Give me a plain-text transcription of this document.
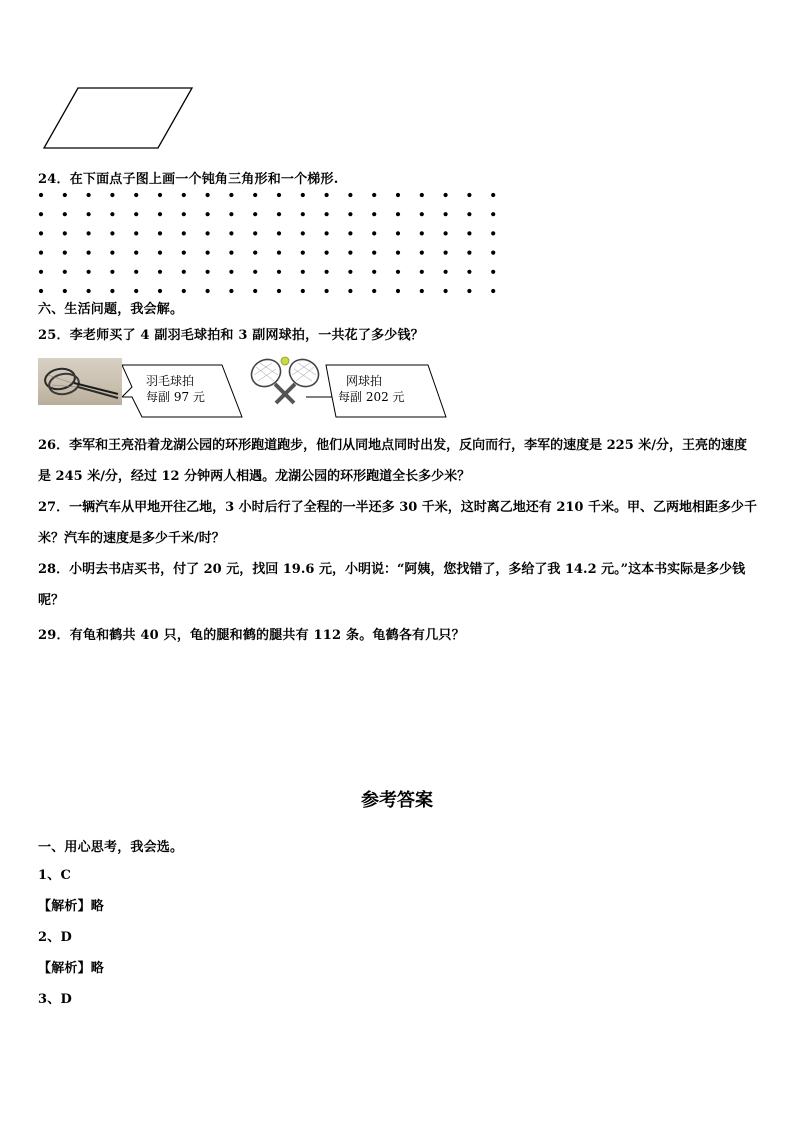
24．在下面点子图上画一个钝角三角形和一个梯形.
六、生活问题，我会解。
25．李老师买了 4 副羽毛球拍和 3 副网球拍，一共花了多少钱？
羽毛球拍
每副 97 元
网球拍
每副 202 元
26．李军和王亮沿着龙湖公园的环形跑道跑步，他们从同地点同时出发，反向而行，李军的速度是 225 米/分，王亮的速度是 245 米/分，经过 12 分钟两人相遇。龙湖公园的环形跑道全长多少米？
27．一辆汽车从甲地开往乙地，3 小时后行了全程的一半还多 30 千米，这时离乙地还有 210 千米。甲、乙两地相距多少千米？汽车的速度是多少千米/时？
28．小明去书店买书，付了 20 元，找回 19.6 元，小明说：“阿姨，您找错了，多给了我 14.2 元。”这本书实际是多少钱呢？
29．有龟和鹤共 40 只，龟的腿和鹤的腿共有 112 条。龟鹤各有几只？
参考答案
一、用心思考，我会选。
1、C
【解析】略
2、D
【解析】略
3、D
